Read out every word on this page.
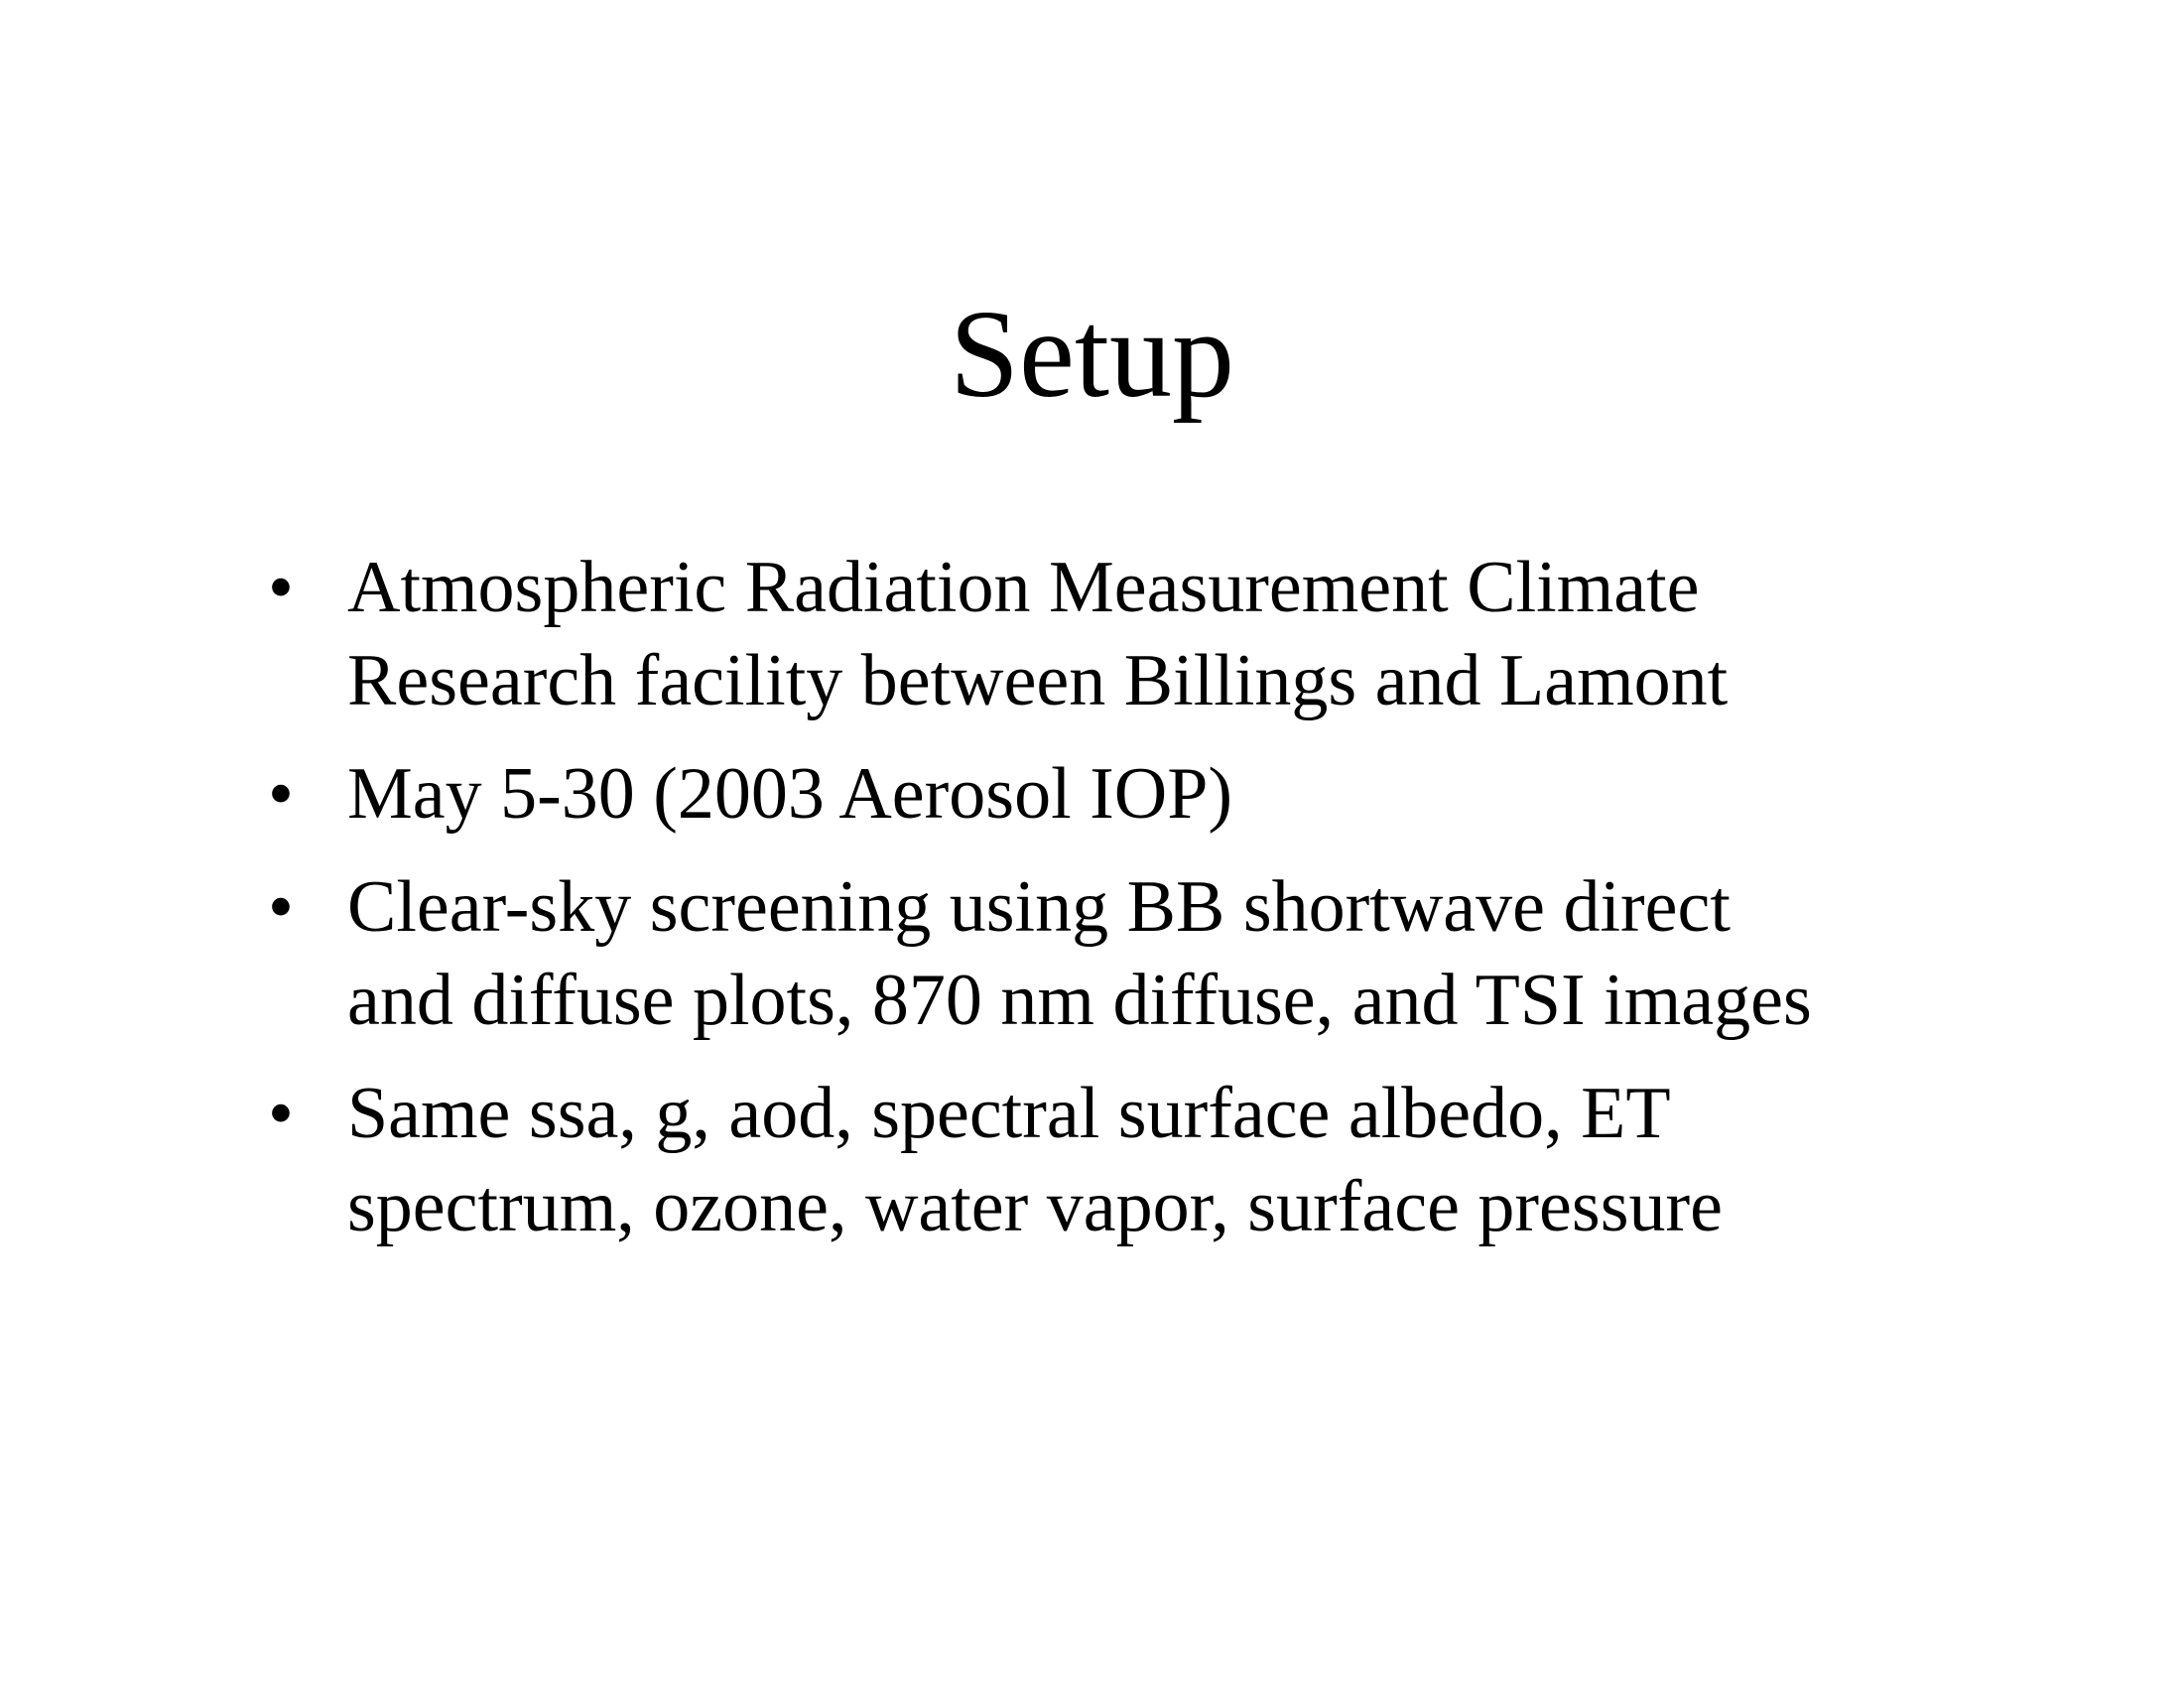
Setup
• Atmospheric Radiation Measurement Climate
Research facility between Billings and Lamont
• May 5-30 (2003 Aerosol IOP)
• Clear-sky screening using BB shortwave direct
and diffuse plots, 870 nm diffuse, and TSI images
• Same ssa, g, aod, spectral surface albedo, ET
spectrum, ozone, water vapor, surface pressure
